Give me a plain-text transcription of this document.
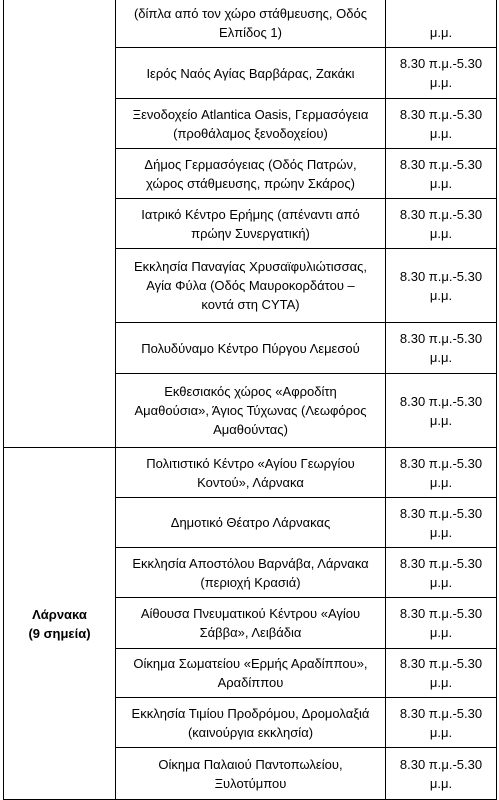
	(δίπλα από τον χώρο στάθμευσης, Οδός
Ελπίδος 1)	μ.μ.

	Ιερός Ναός Αγίας Βαρβάρας, Ζακάκι	8.30 π.μ.-5.30
μ.μ.

	Ξενοδοχείο Atlantica Oasis, Γερμασόγεια
(προθάλαμος ξενοδοχείου)	8.30 π.μ.-5.30
μ.μ.

	Δήμος Γερμασόγειας (Οδός Πατρών,
χώρος στάθμευσης, πρώην Σκάρος)	8.30 π.μ.-5.30
μ.μ.

	Ιατρικό Κέντρο Ερήμης (απέναντι από
πρώην Συνεργατική)	8.30 π.μ.-5.30
μ.μ.

	Εκκλησία Παναγίας Χρυσαϊφυλιώτισσας,
Αγία Φύλα (Οδός Μαυροκορδάτου –
κοντά στη CYTA)	8.30 π.μ.-5.30
μ.μ.

	Πολυδύναμο Κέντρο Πύργου Λεμεσού	8.30 π.μ.-5.30
μ.μ.

	Εκθεσιακός χώρος «Αφροδίτη
Αμαθούσια», Άγιος Τύχωνας (Λεωφόρος
Αμαθούντας)	8.30 π.μ.-5.30
μ.μ.

Λάρνακα
(9 σημεία)	Πολιτιστικό Κέντρο «Αγίου Γεωργίου
Κοντού», Λάρνακα	8.30 π.μ.-5.30
μ.μ.

	Δημοτικό Θέατρο Λάρνακας	8.30 π.μ.-5.30
μ.μ.

	Εκκλησία Αποστόλου Βαρνάβα, Λάρνακα
(περιοχή Κρασιά)	8.30 π.μ.-5.30
μ.μ.

	Αίθουσα Πνευματικού Κέντρου «Αγίου
Σάββα», Λειβάδια	8.30 π.μ.-5.30
μ.μ.

	Οίκημα Σωματείου «Ερμής Αραδίππου»,
Αραδίππου	8.30 π.μ.-5.30
μ.μ.

	Εκκλησία Τιμίου Προδρόμου, Δρομολαξιά
(καινούργια εκκλησία)	8.30 π.μ.-5.30
μ.μ.

	Οίκημα Παλαιού Παντοπωλείου,
Ξυλοτύμπου	8.30 π.μ.-5.30
μ.μ.
